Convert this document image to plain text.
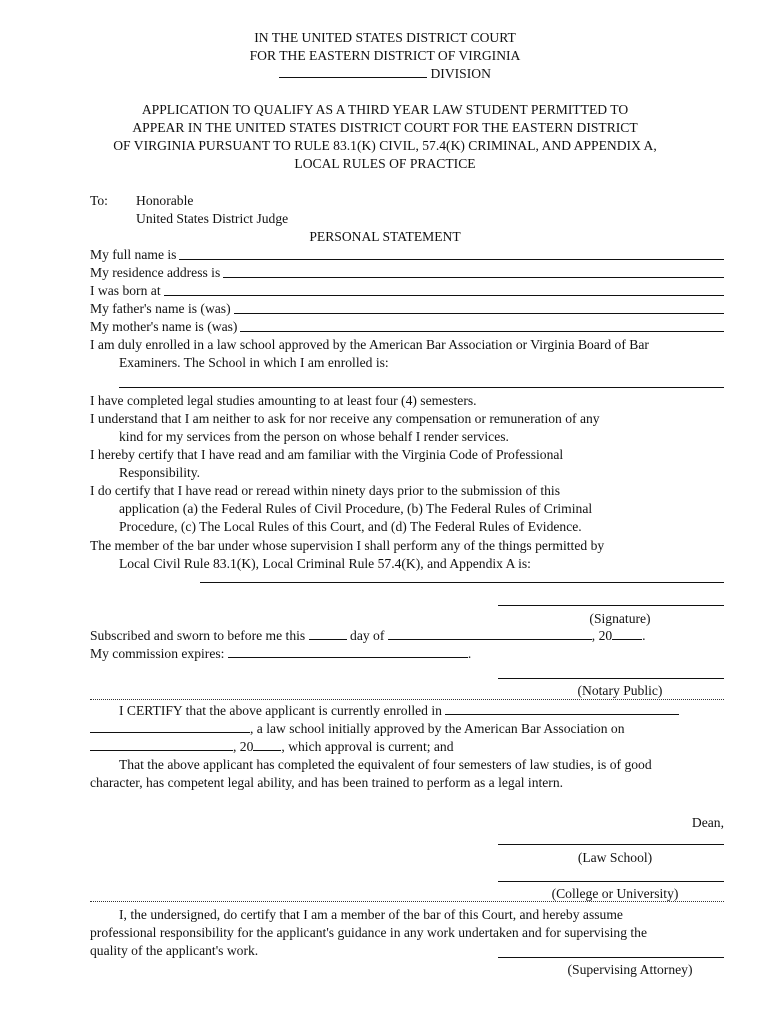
IN THE UNITED STATES DISTRICT COURT
FOR THE EASTERN DISTRICT OF VIRGINIA
DIVISION
APPLICATION TO QUALIFY AS A THIRD YEAR LAW STUDENT PERMITTED TO
APPEAR IN THE UNITED STATES DISTRICT COURT FOR THE EASTERN DISTRICT
OF VIRGINIA PURSUANT TO RULE 83.1(K) CIVIL, 57.4(K) CRIMINAL, AND APPENDIX A,
LOCAL RULES OF PRACTICE
To: Honorable
United States District Judge
PERSONAL STATEMENT
My full name is
My residence address is
I was born at
My father's name is (was)
My mother's name is (was)
I am duly enrolled in a law school approved by the American Bar Association or Virginia Board of Bar
Examiners. The School in which I am enrolled is:
I have completed legal studies amounting to at least four (4) semesters.
I understand that I am neither to ask for nor receive any compensation or remuneration of any
kind for my services from the person on whose behalf I render services.
I hereby certify that I have read and am familiar with the Virginia Code of Professional
Responsibility.
I do certify that I have read or reread within ninety days prior to the submission of this
application (a) the Federal Rules of Civil Procedure, (b) The Federal Rules of Criminal
Procedure, (c) The Local Rules of this Court, and (d) The Federal Rules of Evidence.
The member of the bar under whose supervision I shall perform any of the things permitted by
Local Civil Rule 83.1(K), Local Criminal Rule 57.4(K), and Appendix A is:
(Signature)
Subscribed and sworn to before me this	day of	, 20 .
My commission expires:	.
(Notary Public)
I CERTIFY that the above applicant is currently enrolled in
, a law school initially approved by the American Bar Association on
, 20 , which approval is current; and
That the above applicant has completed the equivalent of four semesters of law studies, is of good
character, has competent legal ability, and has been trained to perform as a legal intern.
Dean,
(Law School)
(College or University)
I, the undersigned, do certify that I am a member of the bar of this Court, and hereby assume
professional responsibility for the applicant's guidance in any work undertaken and for supervising the
quality of the applicant's work.
(Supervising Attorney)
